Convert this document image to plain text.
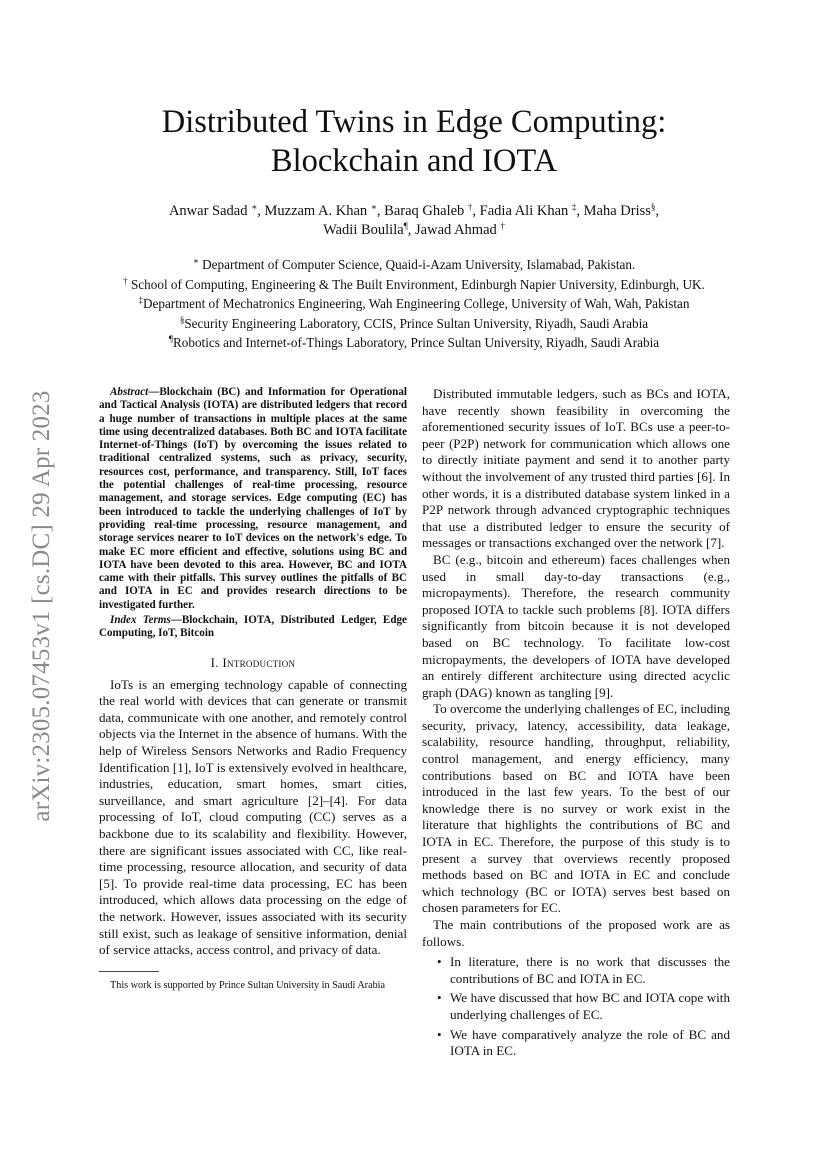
arXiv:2305.07453v1 [cs.DC] 29 Apr 2023
Distributed Twins in Edge Computing:
Blockchain and IOTA
Anwar Sadad ∗, Muzzam A. Khan ∗, Baraq Ghaleb †, Fadia Ali Khan ‡, Maha Driss§,
Wadii Boulila¶, Jawad Ahmad †
∗ Department of Computer Science, Quaid-i-Azam University, Islamabad, Pakistan.
† School of Computing, Engineering & The Built Environment, Edinburgh Napier University, Edinburgh, UK.
‡Department of Mechatronics Engineering, Wah Engineering College, University of Wah, Wah, Pakistan
§Security Engineering Laboratory, CCIS, Prince Sultan University, Riyadh, Saudi Arabia
¶Robotics and Internet-of-Things Laboratory, Prince Sultan University, Riyadh, Saudi Arabia

Abstract—Blockchain (BC) and Information for Operational and Tactical Analysis (IOTA) are distributed ledgers that record a huge number of transactions in multiple places at the same time using decentralized databases. Both BC and IOTA facilitate Internet-of-Things (IoT) by overcoming the issues related to traditional centralized systems, such as privacy, security, resources cost, performance, and transparency. Still, IoT faces the potential challenges of real-time processing, resource management, and storage services. Edge computing (EC) has been introduced to tackle the underlying challenges of IoT by providing real-time processing, resource management, and storage services nearer to IoT devices on the network's edge. To make EC more efficient and effective, solutions using BC and IOTA have been devoted to this area. However, BC and IOTA came with their pitfalls. This survey outlines the pitfalls of BC and IOTA in EC and provides research directions to be investigated further.

Index Terms—Blockchain, IOTA, Distributed Ledger, Edge Computing, IoT, Bitcoin

I. Introduction

IoTs is an emerging technology capable of connecting the real world with devices that can generate or transmit data, communicate with one another, and remotely control objects via the Internet in the absence of humans. With the help of Wireless Sensors Networks and Radio Frequency Identification [1], IoT is extensively evolved in healthcare, industries, education, smart homes, smart cities, surveillance, and smart agriculture [2]–[4]. For data processing of IoT, cloud computing (CC) serves as a backbone due to its scalability and flexibility. However, there are significant issues associated with CC, like real-time processing, resource allocation, and security of data [5]. To provide real-time data processing, EC has been introduced, which allows data processing on the edge of the network. However, issues associated with its security still exist, such as leakage of sensitive information, denial of service attacks, access control, and privacy of data.

This work is supported by Prince Sultan University in Saudi Arabia

Distributed immutable ledgers, such as BCs and IOTA, have recently shown feasibility in overcoming the aforementioned security issues of IoT. BCs use a peer-to-peer (P2P) network for communication which allows one to directly initiate payment and send it to another party without the involvement of any trusted third parties [6]. In other words, it is a distributed database system linked in a P2P network through advanced cryptographic techniques that use a distributed ledger to ensure the security of messages or transactions exchanged over the network [7].

BC (e.g., bitcoin and ethereum) faces challenges when used in small day-to-day transactions (e.g., micropayments). Therefore, the research community proposed IOTA to tackle such problems [8]. IOTA differs significantly from bitcoin because it is not developed based on BC technology. To facilitate low-cost micropayments, the developers of IOTA have developed an entirely different architecture using directed acyclic graph (DAG) known as tangling [9].

To overcome the underlying challenges of EC, including security, privacy, latency, accessibility, data leakage, scalability, resource handling, throughput, reliability, control management, and energy efficiency, many contributions based on BC and IOTA have been introduced in the last few years. To the best of our knowledge there is no survey or work exist in the literature that highlights the contributions of BC and IOTA in EC. Therefore, the purpose of this study is to present a survey that overviews recently proposed methods based on BC and IOTA in EC and conclude which technology (BC or IOTA) serves best based on chosen parameters for EC.

The main contributions of the proposed work are as follows.

• In literature, there is no work that discusses the contributions of BC and IOTA in EC.
• We have discussed that how BC and IOTA cope with underlying challenges of EC.
• We have comparatively analyze the role of BC and IOTA in EC.
